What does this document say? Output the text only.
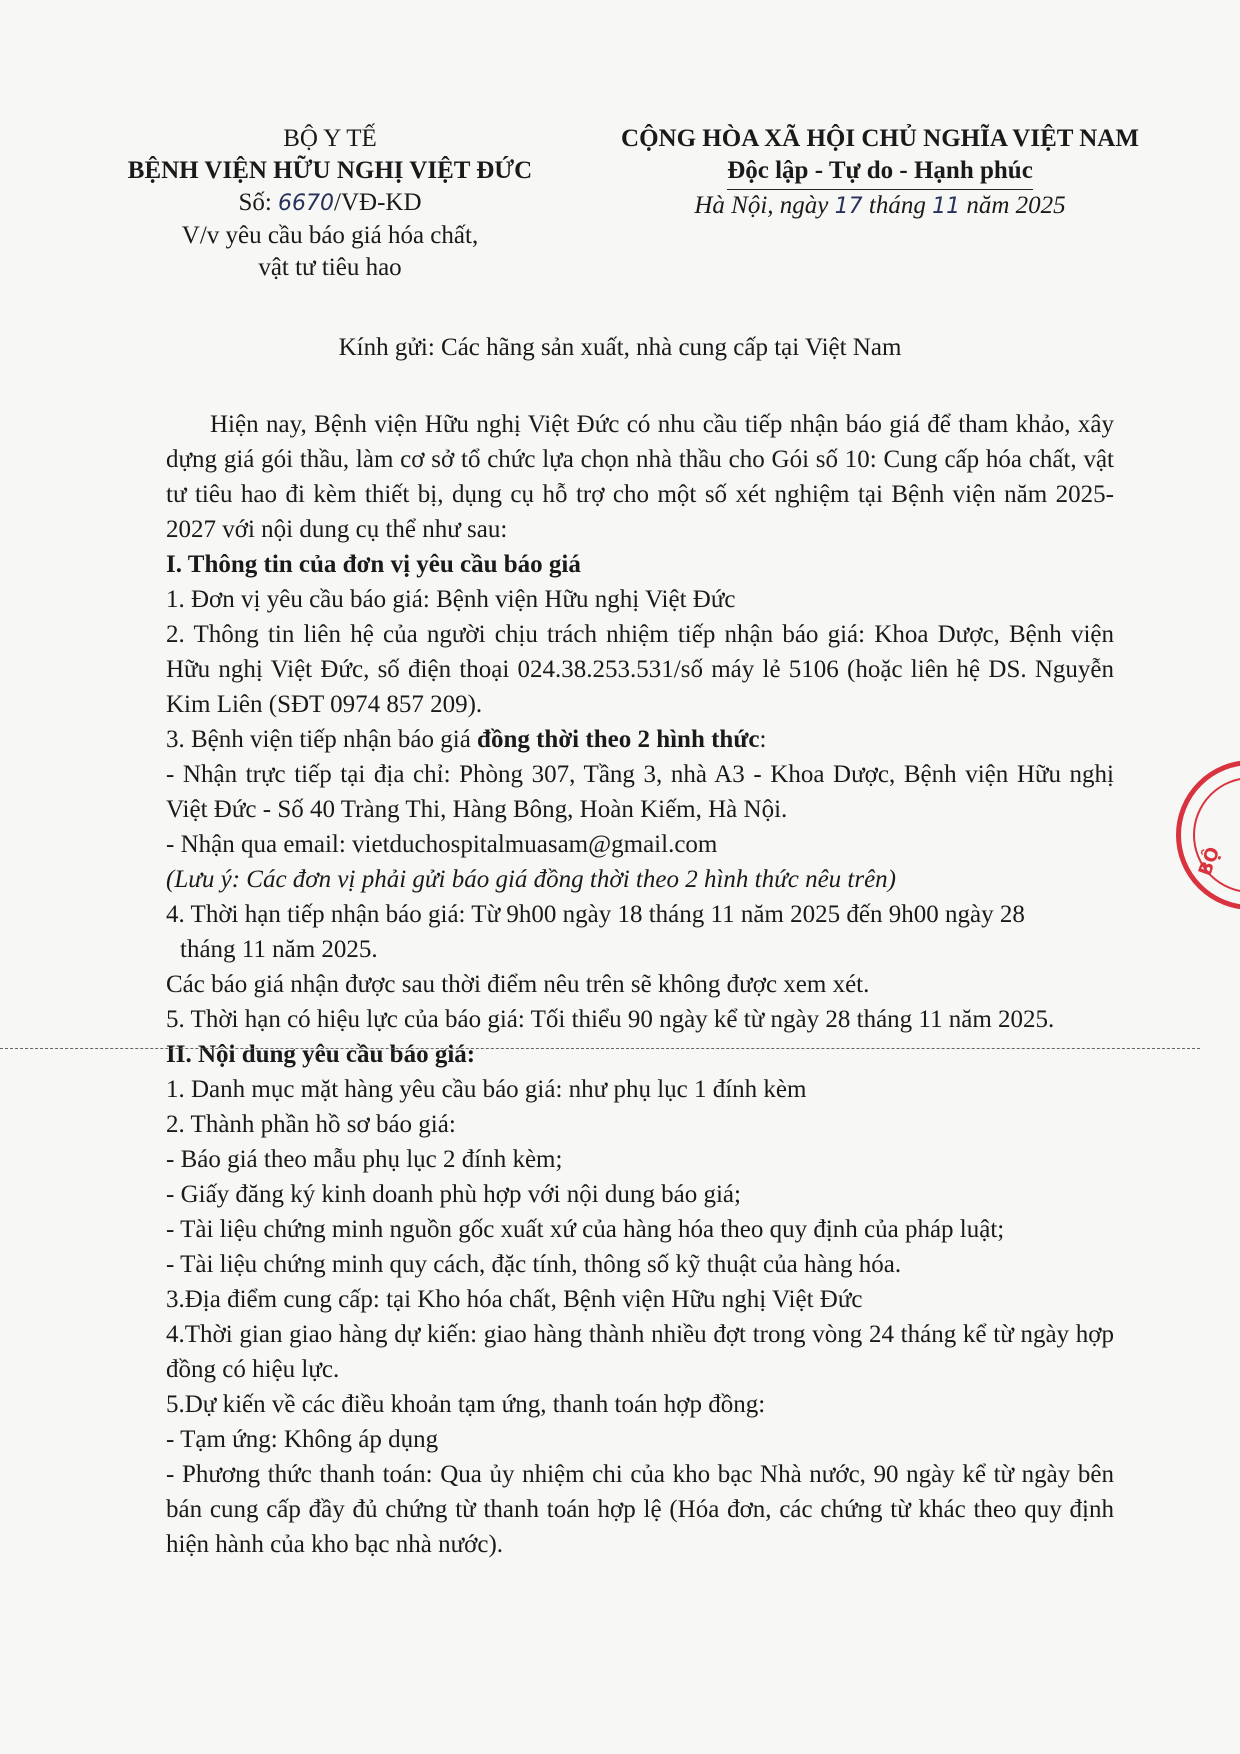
BỘ Y TẾ
BỆNH VIỆN HỮU NGHỊ VIỆT ĐỨC
Số: 6670/VĐ-KD
V/v yêu cầu báo giá hóa chất,
vật tư tiêu hao
CỘNG HÒA XÃ HỘI CHỦ NGHĨA VIỆT NAM
Độc lập - Tự do - Hạnh phúc
Hà Nội, ngày 17 tháng 11 năm 2025
Kính gửi: Các hãng sản xuất, nhà cung cấp tại Việt Nam

Hiện nay, Bệnh viện Hữu nghị Việt Đức có nhu cầu tiếp nhận báo giá để tham khảo, xây dựng giá gói thầu, làm cơ sở tổ chức lựa chọn nhà thầu cho Gói số 10: Cung cấp hóa chất, vật tư tiêu hao đi kèm thiết bị, dụng cụ hỗ trợ cho một số xét nghiệm tại Bệnh viện năm 2025-2027 với nội dung cụ thể như sau:

I. Thông tin của đơn vị yêu cầu báo giá

1. Đơn vị yêu cầu báo giá: Bệnh viện Hữu nghị Việt Đức

2. Thông tin liên hệ của người chịu trách nhiệm tiếp nhận báo giá: Khoa Dược, Bệnh viện Hữu nghị Việt Đức, số điện thoại 024.38.253.531/số máy lẻ 5106 (hoặc liên hệ DS. Nguyễn Kim Liên (SĐT 0974 857 209).

3. Bệnh viện tiếp nhận báo giá đồng thời theo 2 hình thức:

- Nhận trực tiếp tại địa chỉ: Phòng 307, Tầng 3, nhà A3 - Khoa Dược, Bệnh viện Hữu nghị Việt Đức - Số 40 Tràng Thi, Hàng Bông, Hoàn Kiếm, Hà Nội.

- Nhận qua email: vietduchospitalmuasam@gmail.com

(Lưu ý: Các đơn vị phải gửi báo giá đồng thời theo 2 hình thức nêu trên)

4. Thời hạn tiếp nhận báo giá: Từ 9h00 ngày 18 tháng 11 năm 2025 đến 9h00 ngày 28

tháng 11 năm 2025.

Các báo giá nhận được sau thời điểm nêu trên sẽ không được xem xét.

5. Thời hạn có hiệu lực của báo giá: Tối thiểu 90 ngày kể từ ngày 28 tháng 11 năm 2025.

II. Nội dung yêu cầu báo giá:

1. Danh mục mặt hàng yêu cầu báo giá: như phụ lục 1 đính kèm

2. Thành phần hồ sơ báo giá:

- Báo giá theo mẫu phụ lục 2 đính kèm;

- Giấy đăng ký kinh doanh phù hợp với nội dung báo giá;

- Tài liệu chứng minh nguồn gốc xuất xứ của hàng hóa theo quy định của pháp luật;

- Tài liệu chứng minh quy cách, đặc tính, thông số kỹ thuật của hàng hóa.

3.Địa điểm cung cấp: tại Kho hóa chất, Bệnh viện Hữu nghị Việt Đức

4.Thời gian giao hàng dự kiến: giao hàng thành nhiều đợt trong vòng 24 tháng kể từ ngày hợp đồng có hiệu lực.

5.Dự kiến về các điều khoản tạm ứng, thanh toán hợp đồng:

- Tạm ứng: Không áp dụng

- Phương thức thanh toán: Qua ủy nhiệm chi của kho bạc Nhà nước, 90 ngày kể từ ngày bên bán cung cấp đầy đủ chứng từ thanh toán hợp lệ (Hóa đơn, các chứng từ khác theo quy định hiện hành của kho bạc nhà nước).

BỘ
